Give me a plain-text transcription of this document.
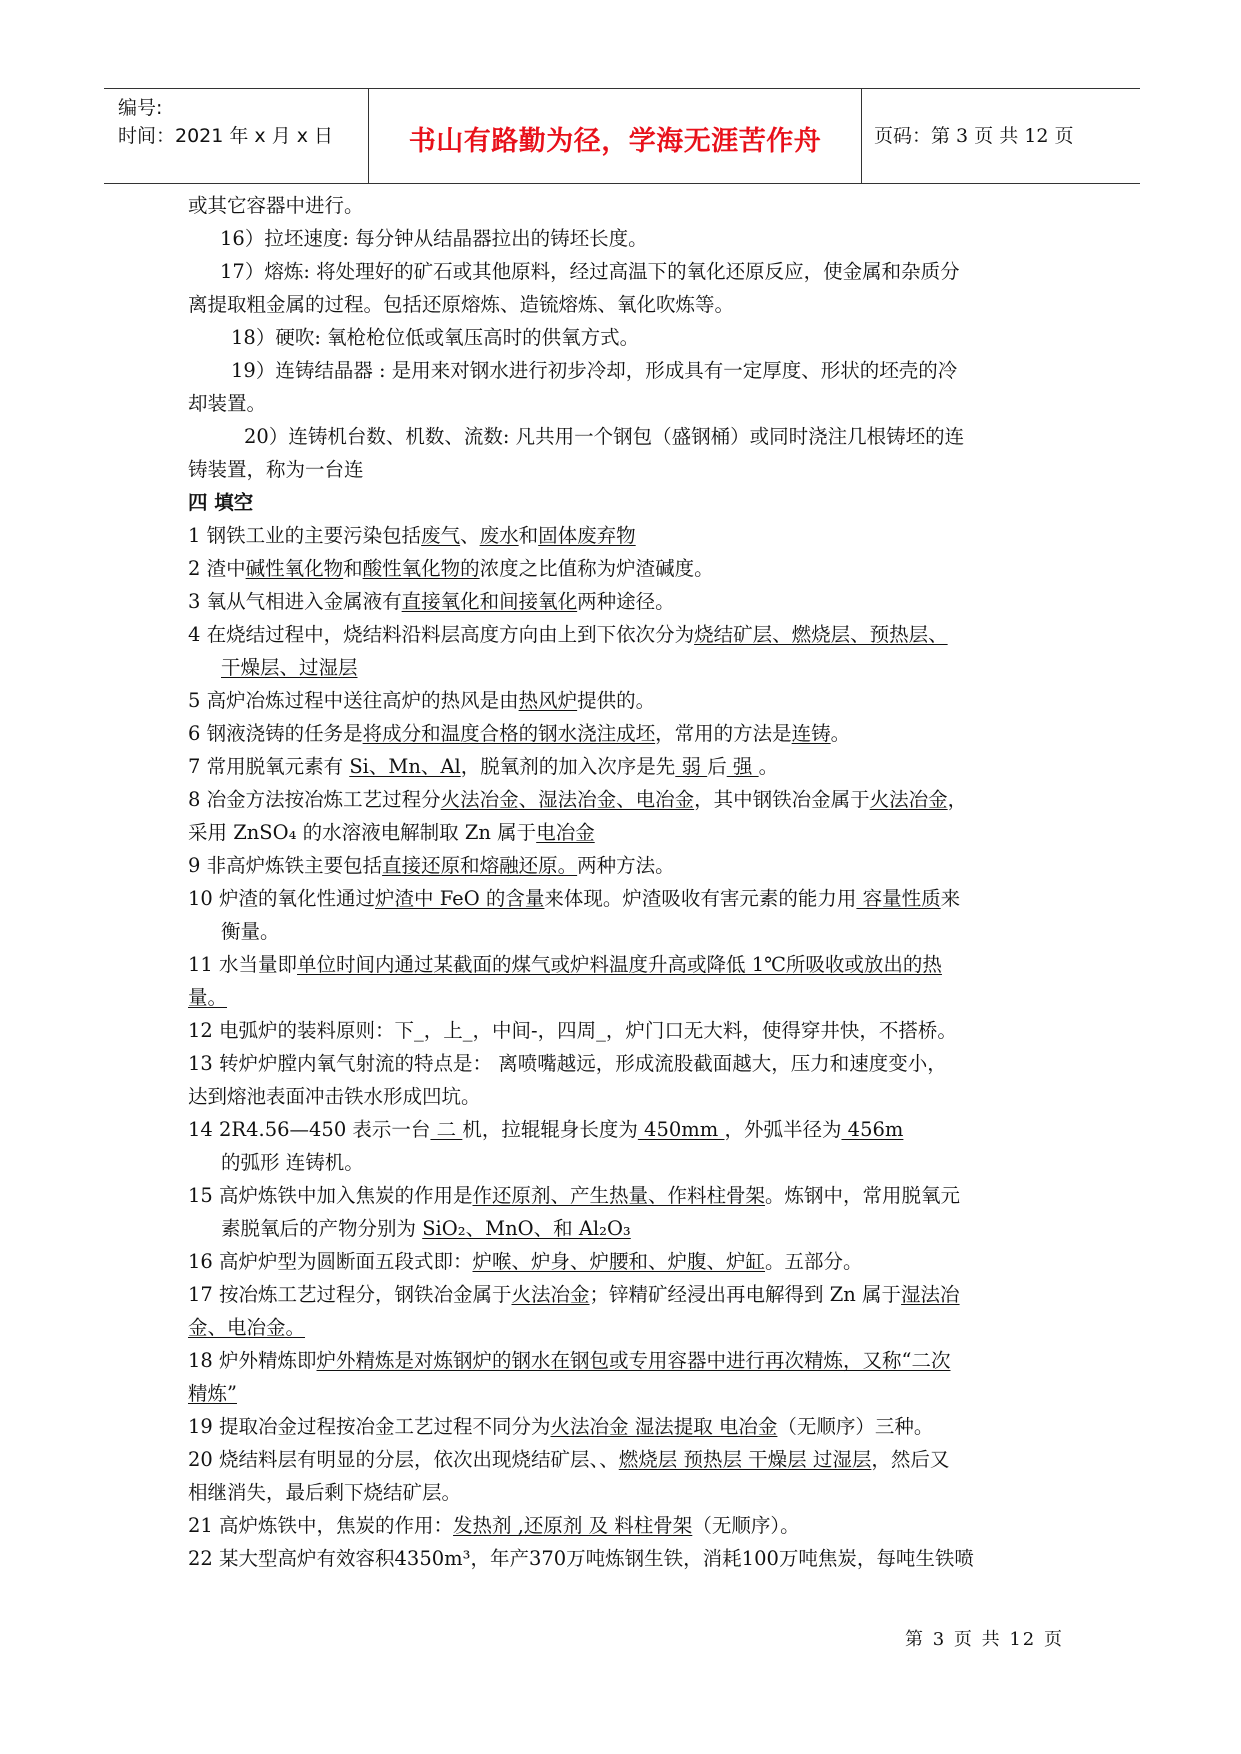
编号:
时间：2021 年 x 月 x 日	书山有路勤为径，学海无涯苦作舟	页码：第 3 页 共 12 页
或其它容器中进行。
16）拉坯速度: 每分钟从结晶器拉出的铸坯长度。
17）熔炼: 将处理好的矿石或其他原料，经过高温下的氧化还原反应，使金属和杂质分
离提取粗金属的过程。包括还原熔炼、造锍熔炼、氧化吹炼等。
18）硬吹: 氧枪枪位低或氧压高时的供氧方式。
19）连铸结晶器 : 是用来对钢水进行初步冷却，形成具有一定厚度、形状的坯壳的冷
却装置。
20）连铸机台数、机数、流数: 凡共用一个钢包（盛钢桶）或同时浇注几根铸坯的连
铸装置，称为一台连
四 填空
1 钢铁工业的主要污染包括废气、废水和固体废弃物
2 渣中碱性氧化物和酸性氧化物的浓度之比值称为炉渣碱度。
3 氧从气相进入金属液有直接氧化和间接氧化两种途径。
4 在烧结过程中，烧结料沿料层高度方向由上到下依次分为烧结矿层、燃烧层、预热层、
干燥层、过湿层
5 高炉冶炼过程中送往高炉的热风是由热风炉提供的。
6 钢液浇铸的任务是将成分和温度合格的钢水浇注成坯，常用的方法是连铸。
7 常用脱氧元素有 Si、Mn、Al，脱氧剂的加入次序是先 弱 后 强 。
8 冶金方法按冶炼工艺过程分火法冶金、湿法冶金、电冶金，其中钢铁冶金属于火法冶金，
采用 ZnSO₄ 的水溶液电解制取 Zn 属于电冶金
9 非高炉炼铁主要包括直接还原和熔融还原。两种方法。
10 炉渣的氧化性通过炉渣中 FeO 的含量来体现。炉渣吸收有害元素的能力用 容量性质来
衡量。
11 水当量即单位时间内通过某截面的煤气或炉料温度升高或降低 1℃所吸收或放出的热
量。
12 电弧炉的装料原则：下_，上_，中间-，四周_，炉门口无大料，使得穿井快，不搭桥。
13 转炉炉膛内氧气射流的特点是： 离喷嘴越远，形成流股截面越大，压力和速度变小，
达到熔池表面冲击铁水形成凹坑。
14 2R4.56—450 表示一台 二 机，拉辊辊身长度为 450mm ，外弧半径为 456m
的弧形 连铸机。
15 高炉炼铁中加入焦炭的作用是作还原剂、产生热量、作料柱骨架。炼钢中，常用脱氧元
素脱氧后的产物分别为 SiO₂、MnO、和 Al₂O₃
16 高炉炉型为圆断面五段式即：炉喉、炉身、炉腰和、炉腹、炉缸。五部分。
17 按冶炼工艺过程分，钢铁冶金属于火法冶金；锌精矿经浸出再电解得到 Zn 属于湿法冶
金、电冶金。
18 炉外精炼即炉外精炼是对炼钢炉的钢水在钢包或专用容器中进行再次精炼，又称“二次
精炼”
19 提取冶金过程按冶金工艺过程不同分为火法冶金 湿法提取 电冶金（无顺序）三种。
20 烧结料层有明显的分层，依次出现烧结矿层、、燃烧层 预热层 干燥层 过湿层，然后又
相继消失，最后剩下烧结矿层。
21 高炉炼铁中，焦炭的作用：发热剂 ,还原剂 及 料柱骨架（无顺序）。
22 某大型高炉有效容积4350m³，年产370万吨炼钢生铁，消耗100万吨焦炭，每吨生铁喷
第 3 页 共 12 页
